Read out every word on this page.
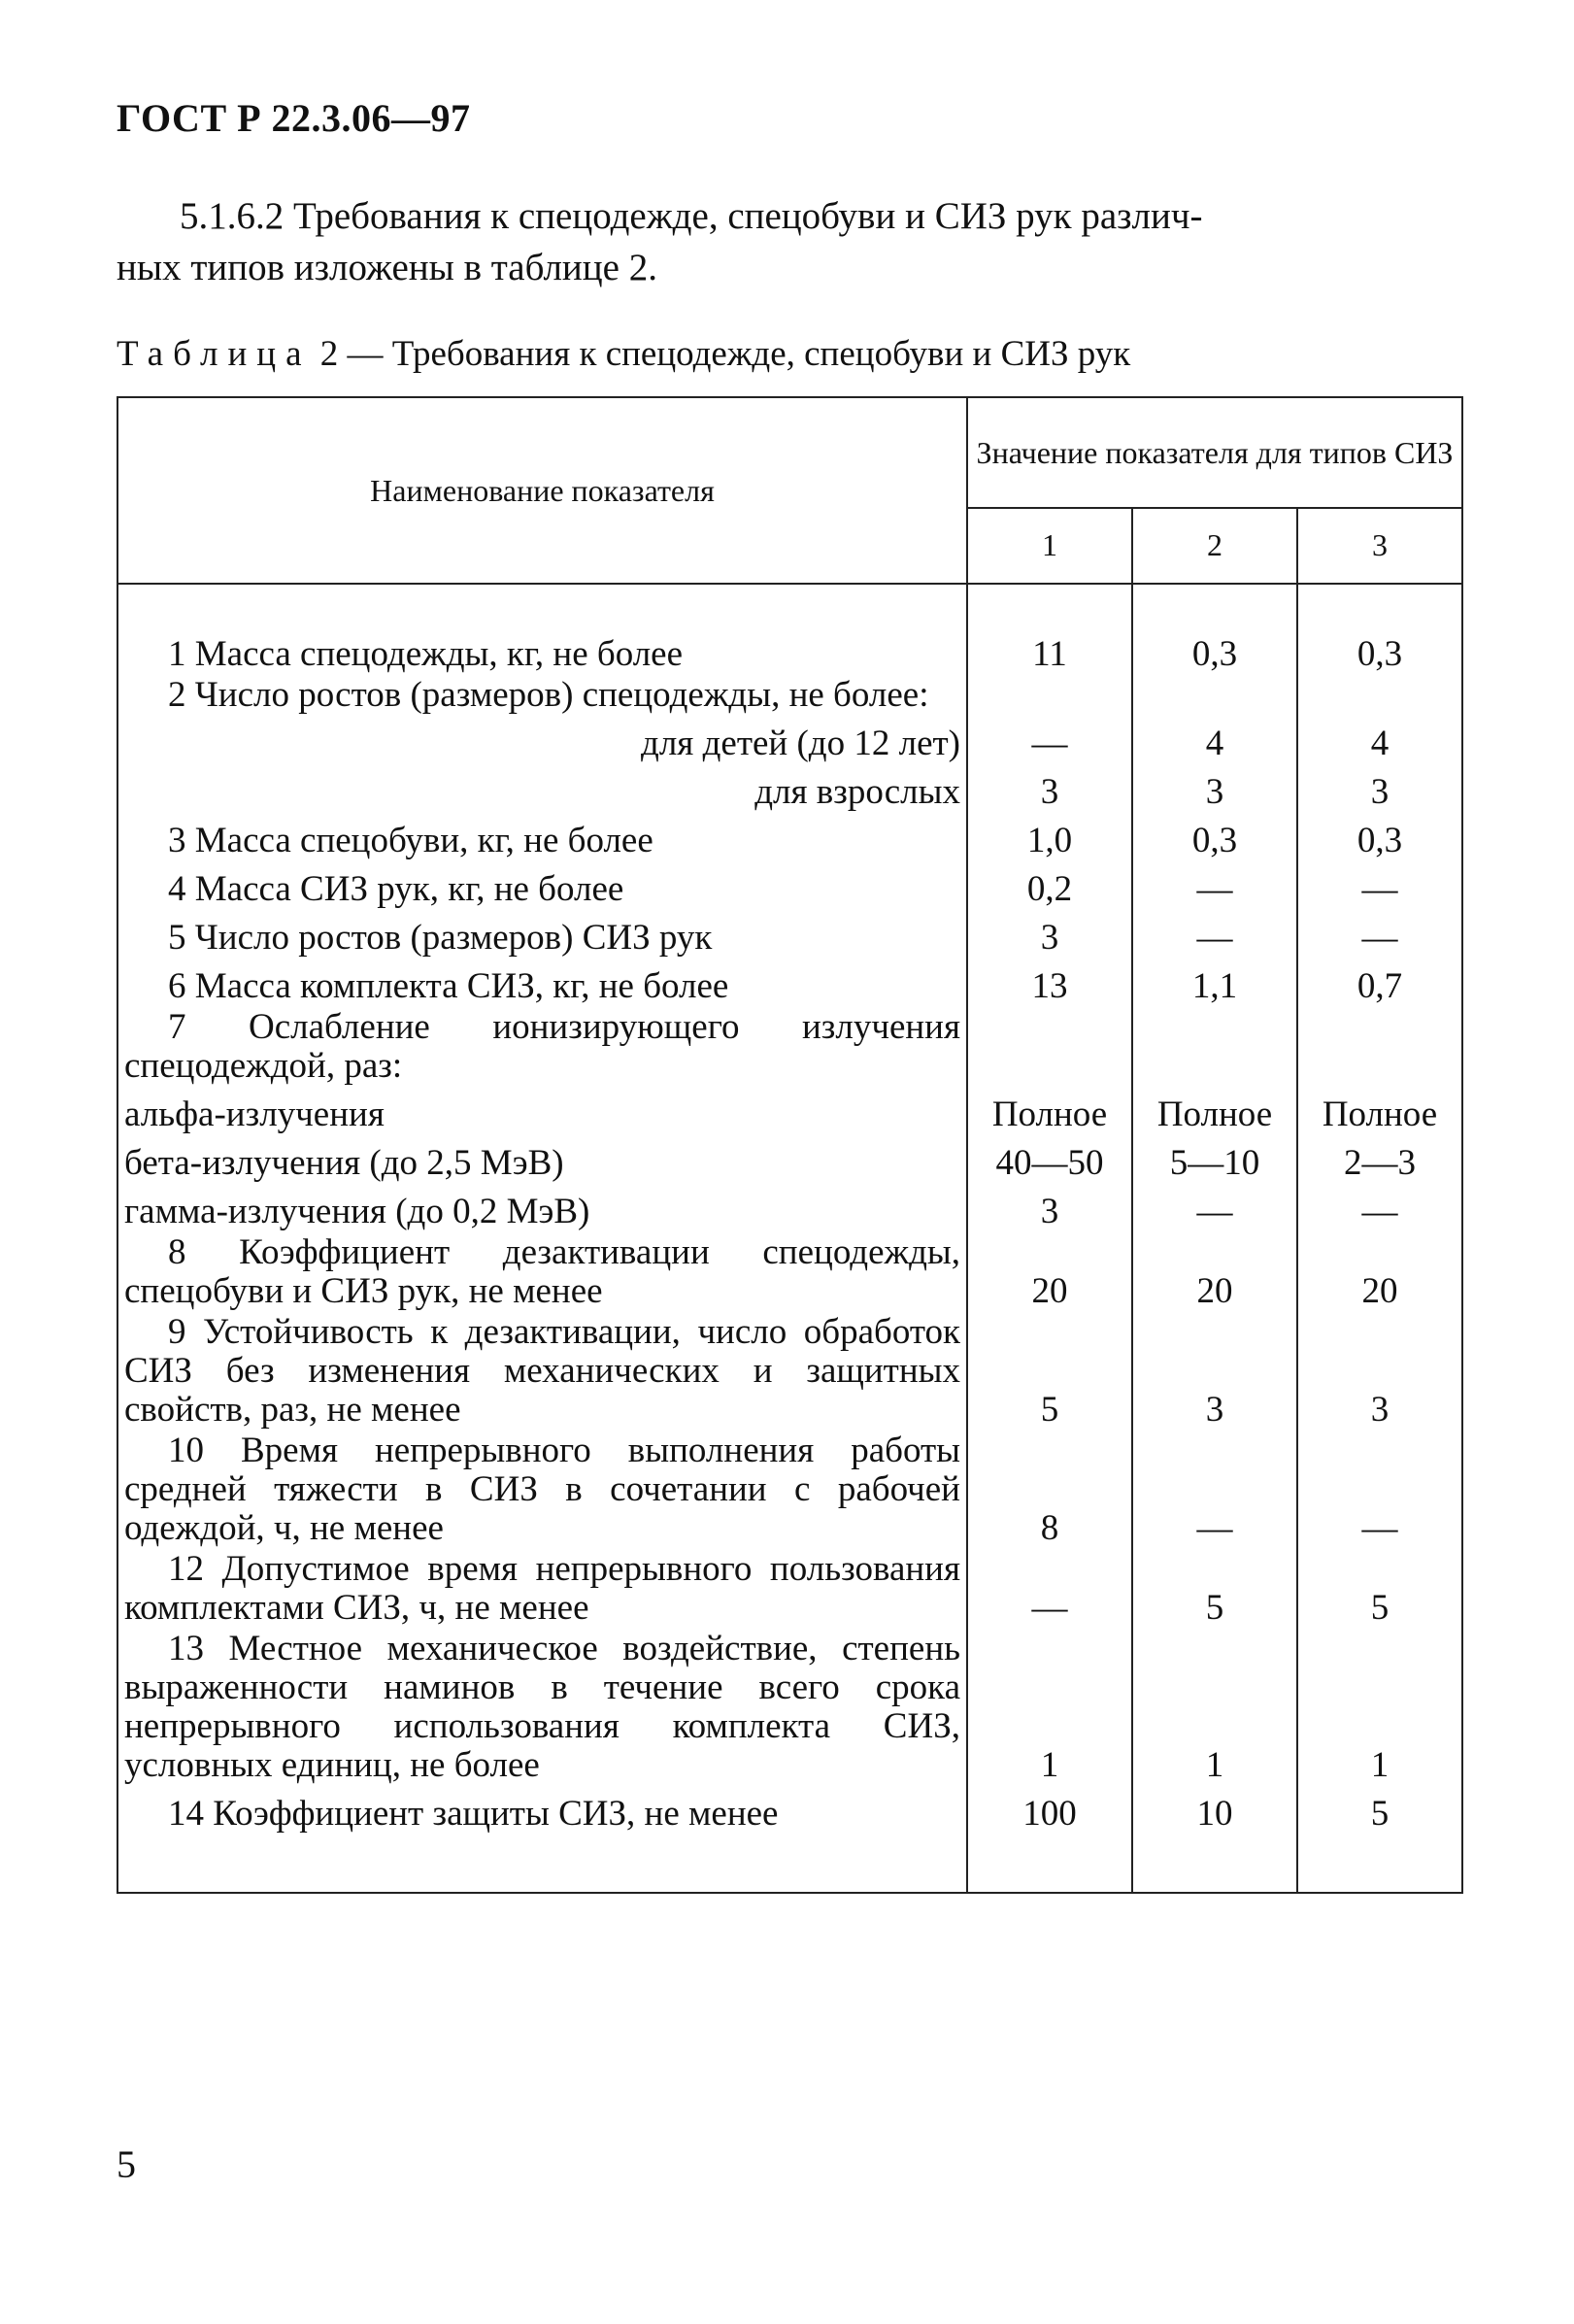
ГОСТ Р 22.3.06—97
5.1.6.2 Требования к спецодежде, спецобуви и СИЗ рук различ-
ных типов изложены в таблице 2.
Таблица 2 — Требования к спецодежде, спецобуви и СИЗ рук
Наименование показателя	Значение показателя для типов СИЗ		
	1	2	3

1 Масса спецодежды, кг, не более	11	0,3	0,3

2 Число ростов (размеров) спецодежды, не более:			

для детей (до 12 лет)	—	4	4
для взрослых	3	3	3

3 Масса спецобуви, кг, не более	1,0	0,3	0,3

4 Масса СИЗ рук, кг, не более	0,2	—	—

5 Число ростов (размеров) СИЗ рук	3	—	—

6 Масса комплекта СИЗ, кг, не более	13	1,1	0,7

7 Ослабление ионизирующего излучения спецодеждой, раз:			

альфа-излучения	Полное	Полное	Полное
бета-излучения (до 2,5 МэВ)	40—50	5—10	2—3
гамма-излучения (до 0,2 МэВ)	3	—	—

8 Коэффициент дезактивации спецодежды, спецобуви и СИЗ рук, не менее	20	20	20

9 Устойчивость к дезактивации, число обработок СИЗ без изменения механических и защитных свойств, раз, не менее	5	3	3

10 Время непрерывного выполнения работы средней тяжести в СИЗ в сочетании с рабочей одеждой, ч, не менее	8	—	—

12 Допустимое время непрерывного пользования комплектами СИЗ, ч, не менее	—	5	5

13 Местное механическое воздействие, степень выраженности наминов в течение всего срока непрерывного использования комплекта СИЗ, условных единиц, не более	1	1	1

14 Коэффициент защиты СИЗ, не менее	100	10	5
5
